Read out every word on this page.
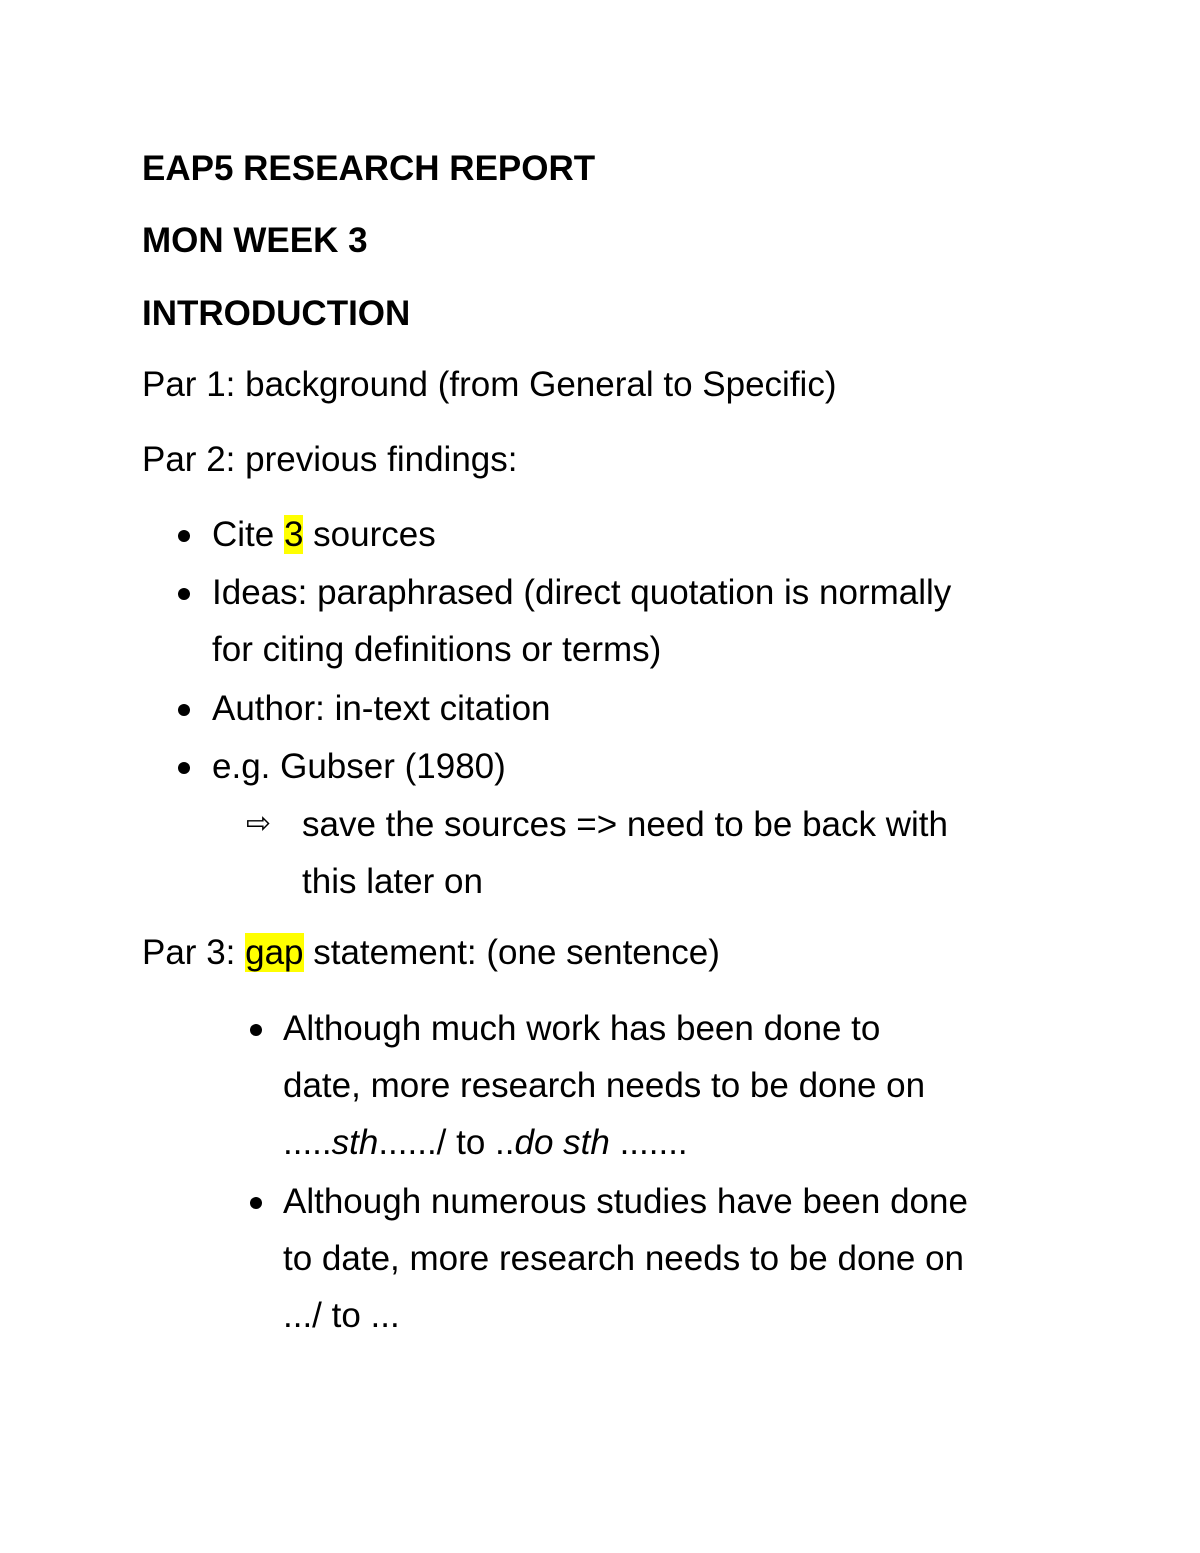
EAP5 RESEARCH REPORT
MON WEEK 3
INTRODUCTION
Par 1: background (from General to Specific)
Par 2: previous findings:
Cite 3 sources
Ideas: paraphrased (direct quotation is normally
for citing definitions or terms)
Author: in-text citation
e.g. Gubser (1980)
⇨ save the sources => need to be back with
this later on
Par 3: gap statement: (one sentence)
Although much work has been done to
date, more research needs to be done on
.....sth....../ to ..do sth .......
Although numerous studies have been done
to date, more research needs to be done on
.../ to ...
